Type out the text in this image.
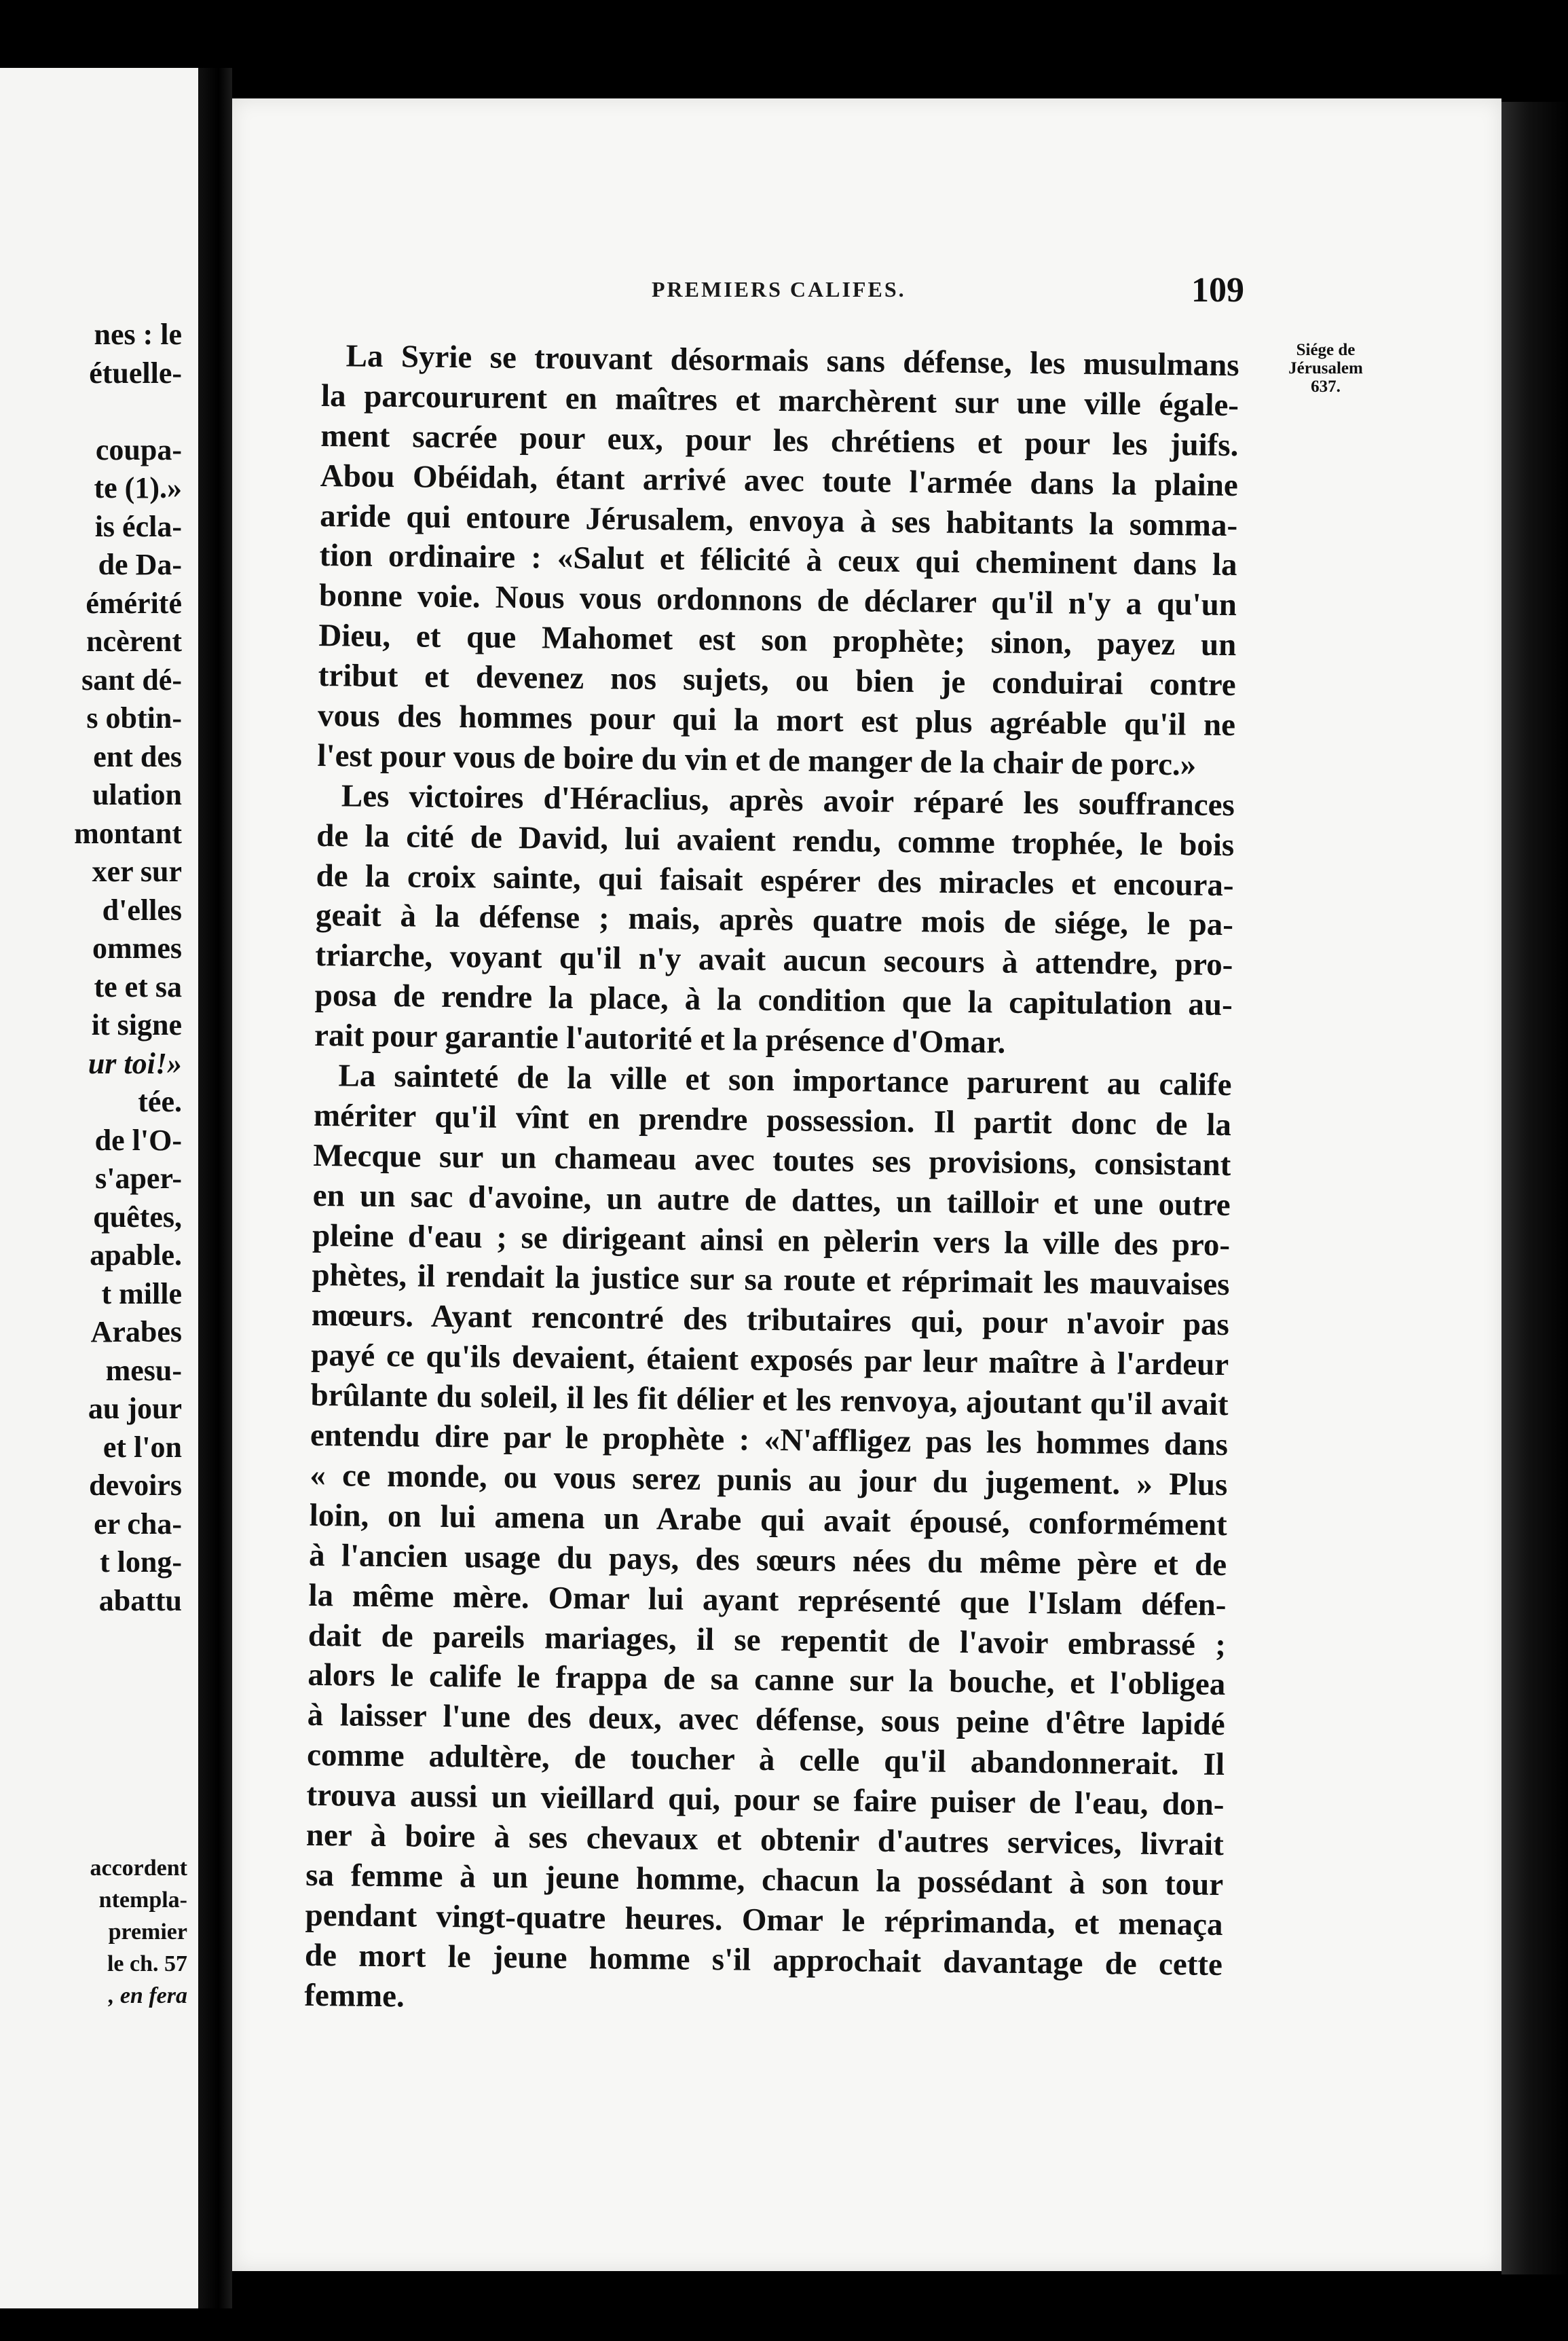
nes : le
étuelle-
coupa-
te (1).»
is écla-
de Da-
émérité
ncèrent
sant dé-
s obtin-
ent des
ulation
montant
xer sur
d'elles
ommes
te et sa
it signe
ur toi!»
tée.
de l'O-
s'aper-
quêtes,
apable.
t mille
Arabes
mesu-
au jour
et l'on
devoirs
er cha-
t long-
abattu
accordent
ntempla-
premier
le ch. 57
, en fera
PREMIERS CALIFES.	109
Siége de
Jérusalem
637.
La Syrie se trouvant désormais sans défense, les musulmans
la parcoururent en maîtres et marchèrent sur une ville égale-
ment sacrée pour eux, pour les chrétiens et pour les juifs.
Abou Obéidah, étant arrivé avec toute l'armée dans la plaine
aride qui entoure Jérusalem, envoya à ses habitants la somma-
tion ordinaire : «Salut et félicité à ceux qui cheminent dans la
bonne voie. Nous vous ordonnons de déclarer qu'il n'y a qu'un
Dieu, et que Mahomet est son prophète; sinon, payez un
tribut et devenez nos sujets, ou bien je conduirai contre
vous des hommes pour qui la mort est plus agréable qu'il ne
l'est pour vous de boire du vin et de manger de la chair de porc.»
Les victoires d'Héraclius, après avoir réparé les souffrances
de la cité de David, lui avaient rendu, comme trophée, le bois
de la croix sainte, qui faisait espérer des miracles et encoura-
geait à la défense ; mais, après quatre mois de siége, le pa-
triarche, voyant qu'il n'y avait aucun secours à attendre, pro-
posa de rendre la place, à la condition que la capitulation au-
rait pour garantie l'autorité et la présence d'Omar.
La sainteté de la ville et son importance parurent au calife
mériter qu'il vînt en prendre possession. Il partit donc de la
Mecque sur un chameau avec toutes ses provisions, consistant
en un sac d'avoine, un autre de dattes, un tailloir et une outre
pleine d'eau ; se dirigeant ainsi en pèlerin vers la ville des pro-
phètes, il rendait la justice sur sa route et réprimait les mauvaises
mœurs. Ayant rencontré des tributaires qui, pour n'avoir pas
payé ce qu'ils devaient, étaient exposés par leur maître à l'ardeur
brûlante du soleil, il les fit délier et les renvoya, ajoutant qu'il avait
entendu dire par le prophète : «N'affligez pas les hommes dans
« ce monde, ou vous serez punis au jour du jugement. » Plus
loin, on lui amena un Arabe qui avait épousé, conformément
à l'ancien usage du pays, des sœurs nées du même père et de
la même mère. Omar lui ayant représenté que l'Islam défen-
dait de pareils mariages, il se repentit de l'avoir embrassé ;
alors le calife le frappa de sa canne sur la bouche, et l'obligea
à laisser l'une des deux, avec défense, sous peine d'être lapidé
comme adultère, de toucher à celle qu'il abandonnerait. Il
trouva aussi un vieillard qui, pour se faire puiser de l'eau, don-
ner à boire à ses chevaux et obtenir d'autres services, livrait
sa femme à un jeune homme, chacun la possédant à son tour
pendant vingt-quatre heures. Omar le réprimanda, et menaça
de mort le jeune homme s'il approchait davantage de cette
femme.
